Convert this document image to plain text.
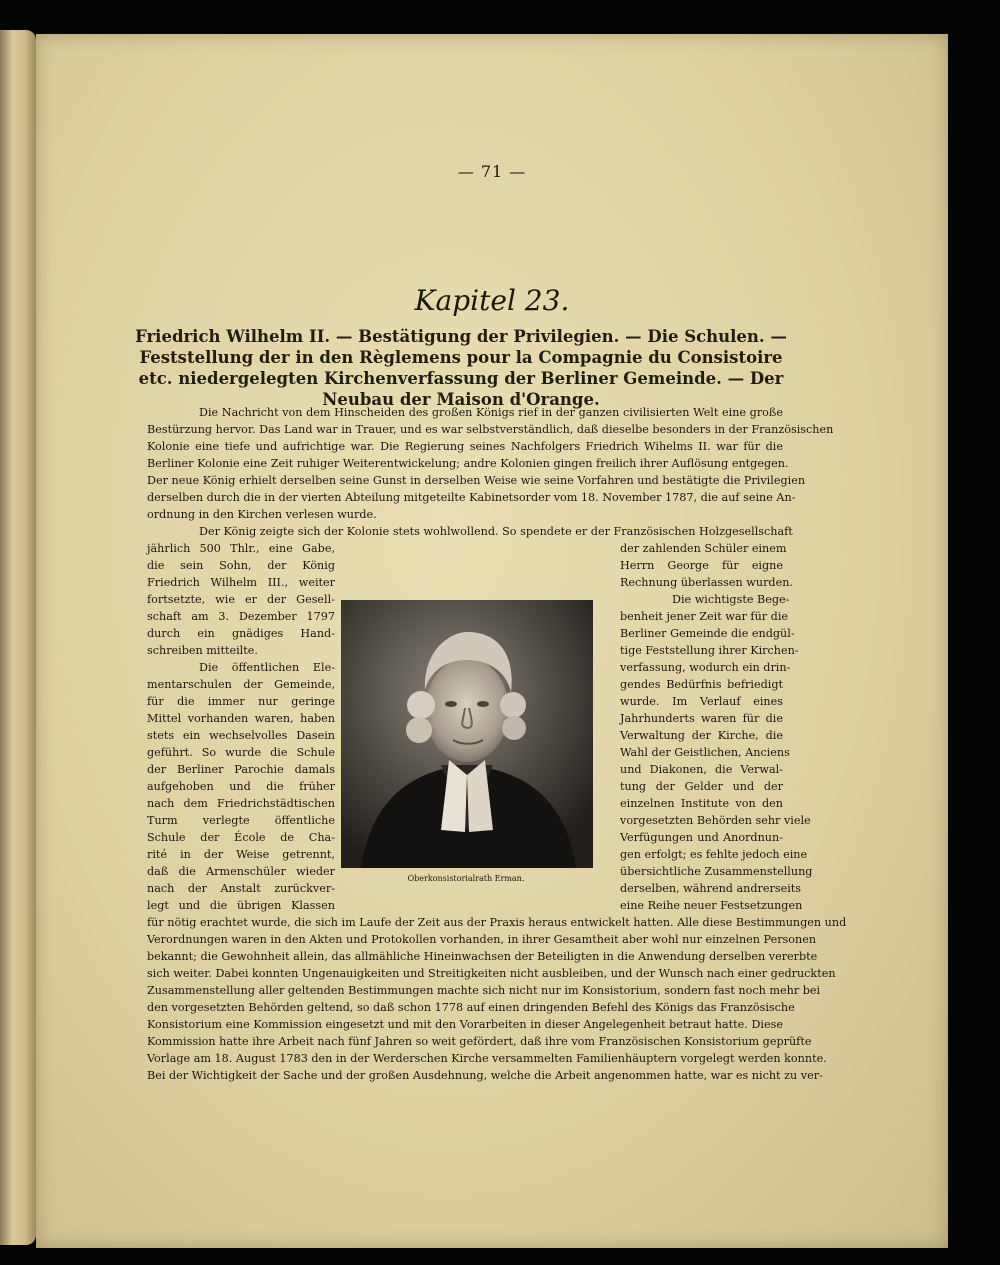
— 71 —
Kapitel 23.
Friedrich Wilhelm II. — Bestätigung der Privilegien. — Die Schulen. — Feststellung der in den Règlemens pour la Compagnie du Consistoire etc. niedergelegten Kirchenverfassung der Berliner Gemeinde. — Der Neubau der Maison d'Orange.
Die Nachricht von dem Hinscheiden des großen Königs rief in der ganzen civilisierten Welt eine große
Bestürzung hervor. Das Land war in Trauer, und es war selbstverständlich, daß dieselbe besonders in der Französischen
Kolonie eine tiefe und aufrichtige war. Die Regierung seines Nachfolgers Friedrich Wihelms II. war für die
Berliner Kolonie eine Zeit ruhiger Weiterentwickelung; andre Kolonien gingen freilich ihrer Auflösung entgegen.
Der neue König erhielt derselben seine Gunst in derselben Weise wie seine Vorfahren und bestätigte die Privilegien
derselben durch die in der vierten Abteilung mitgeteilte Kabinetsorder vom 18. November 1787, die auf seine An-
ordnung in den Kirchen verlesen wurde.
Der König zeigte sich der Kolonie stets wohlwollend. So spendete er der Französischen Holzgesellschaft
jährlich 500 Thlr., eine Gabe,
die sein Sohn, der König
Friedrich Wilhelm III., weiter
fortsetzte, wie er der Gesell-
schaft am 3. Dezember 1797
durch ein gnädiges Hand-
schreiben mitteilte.
Die öffentlichen Ele-
mentarschulen der Gemeinde,
für die immer nur geringe
Mittel vorhanden waren, haben
stets ein wechselvolles Dasein
geführt. So wurde die Schule
der Berliner Parochie damals
aufgehoben und die früher
nach dem Friedrichstädtischen
Turm verlegte öffentliche
Schule der École de Cha-
rité in der Weise getrennt,
daß die Armenschüler wieder
nach der Anstalt zurückver-
legt und die übrigen Klassen
Oberkonsistorialrath Erman.
der zahlenden Schüler einem
Herrn George für eigne
Rechnung überlassen wurden.
Die wichtigste Bege-
benheit jener Zeit war für die
Berliner Gemeinde die endgül-
tige Feststellung ihrer Kirchen-
verfassung, wodurch ein drin-
gendes Bedürfnis befriedigt
wurde. Im Verlauf eines
Jahrhunderts waren für die
Verwaltung der Kirche, die
Wahl der Geistlichen, Anciens
und Diakonen, die Verwal-
tung der Gelder und der
einzelnen Institute von den
vorgesetzten Behörden sehr viele
Verfügungen und Anordnun-
gen erfolgt; es fehlte jedoch eine
übersichtliche Zusammenstellung
derselben, während andrerseits
eine Reihe neuer Festsetzungen
für nötig erachtet wurde, die sich im Laufe der Zeit aus der Praxis heraus entwickelt hatten. Alle diese Bestimmungen und
Verordnungen waren in den Akten und Protokollen vorhanden, in ihrer Gesamtheit aber wohl nur einzelnen Personen
bekannt; die Gewohnheit allein, das allmähliche Hineinwachsen der Beteiligten in die Anwendung derselben vererbte
sich weiter. Dabei konnten Ungenauigkeiten und Streitigkeiten nicht ausbleiben, und der Wunsch nach einer gedruckten
Zusammenstellung aller geltenden Bestimmungen machte sich nicht nur im Konsistorium, sondern fast noch mehr bei
den vorgesetzten Behörden geltend, so daß schon 1778 auf einen dringenden Befehl des Königs das Französische
Konsistorium eine Kommission eingesetzt und mit den Vorarbeiten in dieser Angelegenheit betraut hatte. Diese
Kommission hatte ihre Arbeit nach fünf Jahren so weit gefördert, daß ihre vom Französischen Konsistorium geprüfte
Vorlage am 18. August 1783 den in der Werderschen Kirche versammelten Familienhäuptern vorgelegt werden konnte.
Bei der Wichtigkeit der Sache und der großen Ausdehnung, welche die Arbeit angenommen hatte, war es nicht zu ver-
